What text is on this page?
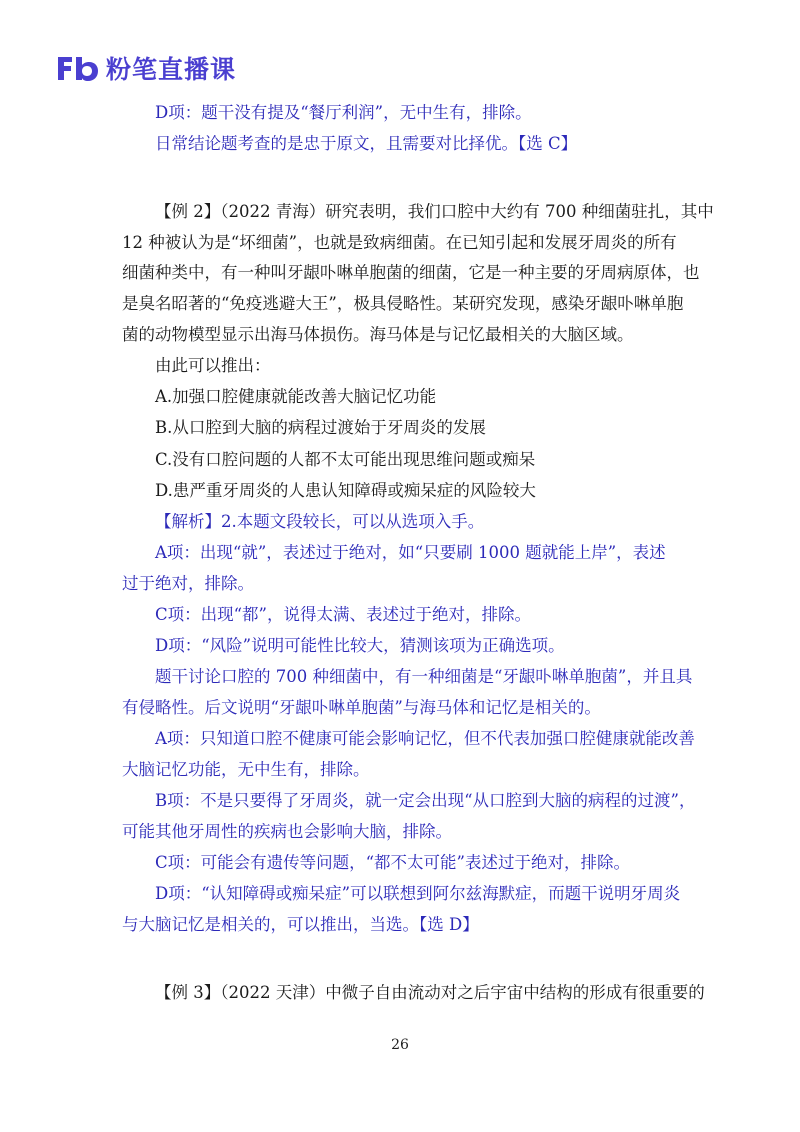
粉笔直播课
D项：题干没有提及“餐厅利润”，无中生有，排除。
日常结论题考查的是忠于原文，且需要对比择优。【选 C】
【例 2】（2022 青海）研究表明，我们口腔中大约有 700 种细菌驻扎，其中
12 种被认为是“坏细菌”，也就是致病细菌。在已知引起和发展牙周炎的所有
细菌种类中，有一种叫牙龈卟啉单胞菌的细菌，它是一种主要的牙周病原体，也
是臭名昭著的“免疫逃避大王”，极具侵略性。某研究发现，感染牙龈卟啉单胞
菌的动物模型显示出海马体损伤。海马体是与记忆最相关的大脑区域。
由此可以推出：
A.加强口腔健康就能改善大脑记忆功能
B.从口腔到大脑的病程过渡始于牙周炎的发展
C.没有口腔问题的人都不太可能出现思维问题或痴呆
D.患严重牙周炎的人患认知障碍或痴呆症的风险较大
【解析】2.本题文段较长，可以从选项入手。
A项：出现“就”，表述过于绝对，如“只要刷 1000 题就能上岸”，表述
过于绝对，排除。
C项：出现“都”，说得太满、表述过于绝对，排除。
D项：“风险”说明可能性比较大，猜测该项为正确选项。
题干讨论口腔的 700 种细菌中，有一种细菌是“牙龈卟啉单胞菌”，并且具
有侵略性。后文说明“牙龈卟啉单胞菌”与海马体和记忆是相关的。
A项：只知道口腔不健康可能会影响记忆，但不代表加强口腔健康就能改善
大脑记忆功能，无中生有，排除。
B项：不是只要得了牙周炎，就一定会出现“从口腔到大脑的病程的过渡”，
可能其他牙周性的疾病也会影响大脑，排除。
C项：可能会有遗传等问题，“都不太可能”表述过于绝对，排除。
D项：“认知障碍或痴呆症”可以联想到阿尔兹海默症，而题干说明牙周炎
与大脑记忆是相关的，可以推出，当选。【选 D】
【例 3】（2022 天津）中微子自由流动对之后宇宙中结构的形成有很重要的
26
